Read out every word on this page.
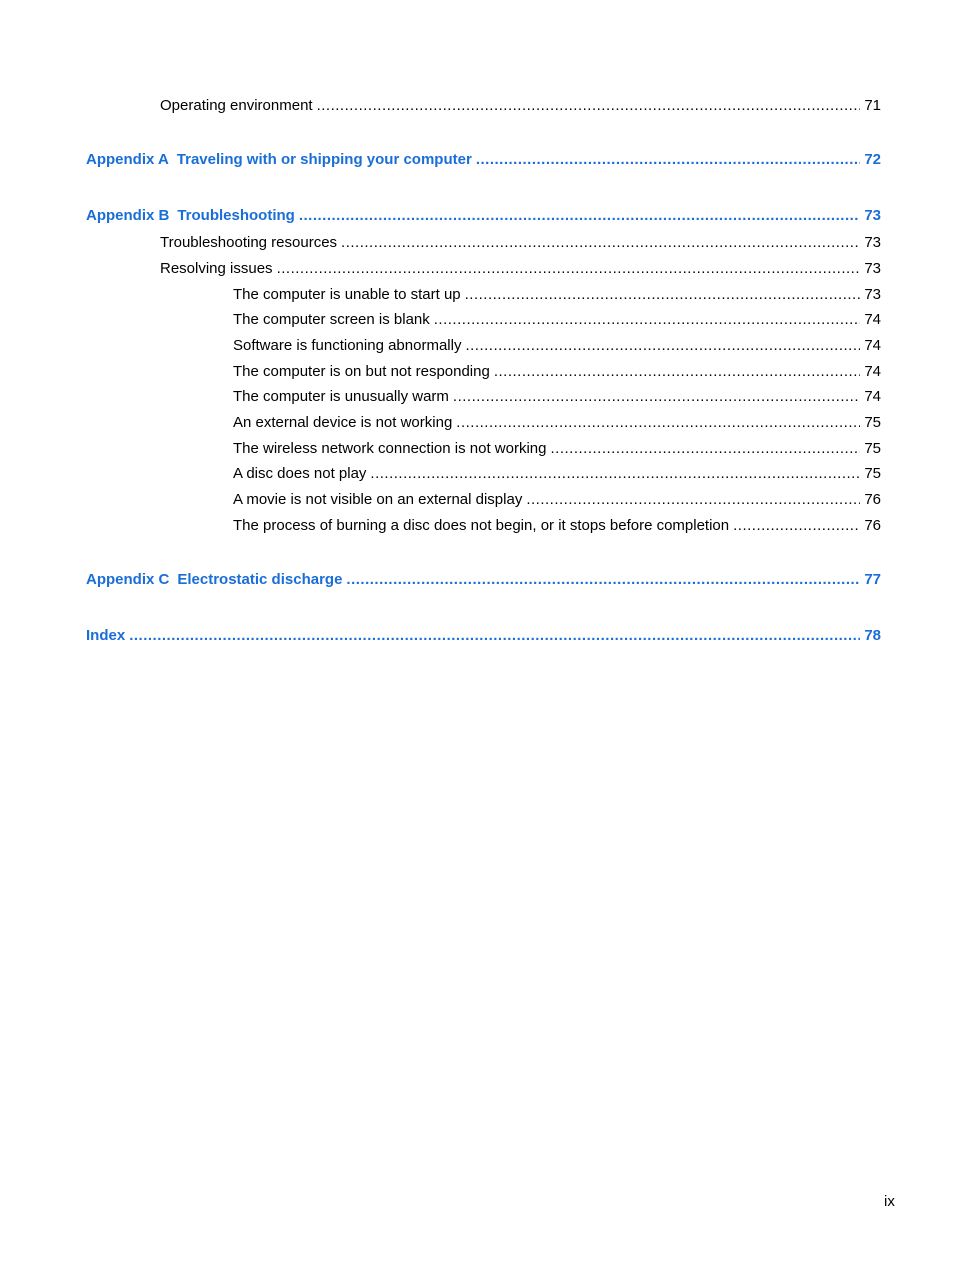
Operating environment .....	71
Appendix A Traveling with or shipping your computer .....	72
Appendix B Troubleshooting .....	73
Troubleshooting resources .....	73
Resolving issues .....	73
The computer is unable to start up .....	73
The computer screen is blank .....	74
Software is functioning abnormally .....	74
The computer is on but not responding .....	74
The computer is unusually warm .....	74
An external device is not working .....	75
The wireless network connection is not working .....	75
A disc does not play .....	75
A movie is not visible on an external display .....	76
The process of burning a disc does not begin, or it stops before completion .....	76
Appendix C Electrostatic discharge .....	77
Index .....	78
ix
